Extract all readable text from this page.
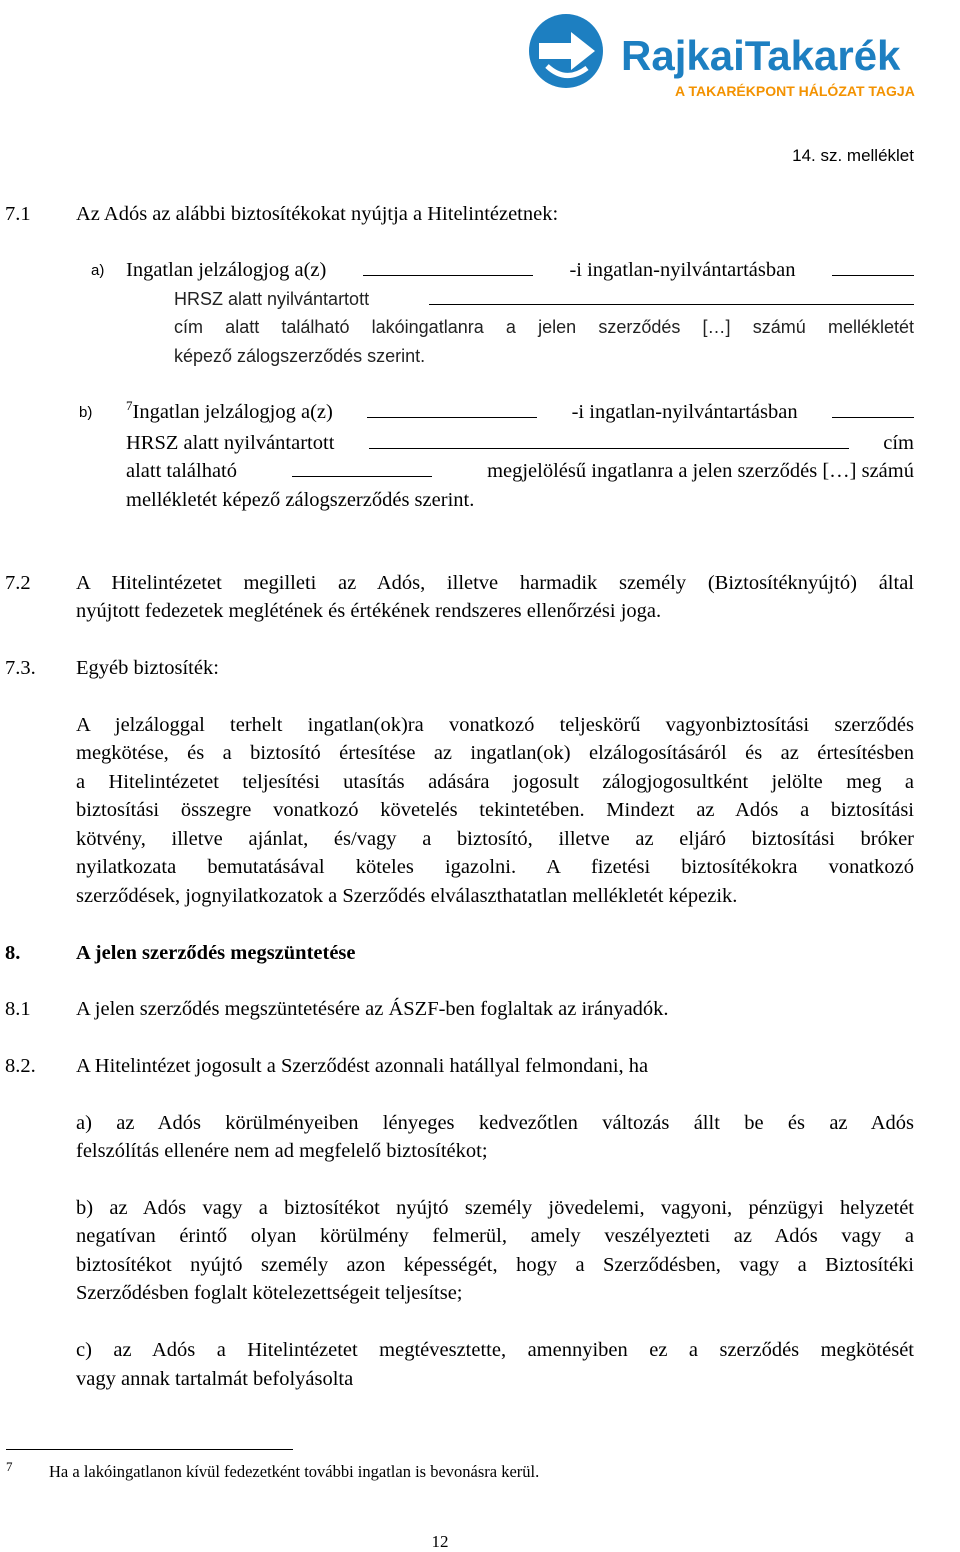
RajkaiTakarék
A TAKARÉKPONT HÁLÓZAT TAGJA
14. sz. melléklet
7.1 Az Adós az alábbi biztosítékokat nyújtja a Hitelintézetnek:
a) Ingatlan jelzálogjog a(z)	-i ingatlan-nyilvántartásban
HRSZ alatt nyilvántartott
cím alatt található lakóingatlanra a jelen szerződés […] számú mellékletét
képező zálogszerződés szerint.
b)	$^7$Ingatlan jelzálogjog a(z)	-i ingatlan-nyilvántartásban
HRSZ alatt nyilvántartott	cím
alatt található	megjelölésű ingatlanra a jelen szerződés […] számú
mellékletét képező zálogszerződés szerint.
7.2 A Hitelintézetet megilleti az Adós, illetve harmadik személy (Biztosítéknyújtó) által
nyújtott fedezetek meglétének és értékének rendszeres ellenőrzési joga.
7.3. Egyéb biztosíték:
A jelzáloggal terhelt ingatlan(ok)ra vonatkozó teljeskörű vagyonbiztosítási szerződés
megkötése, és a biztosító értesítése az ingatlan(ok) elzálogosításáról és az értesítésben
a Hitelintézetet teljesítési utasítás adására jogosult zálogjogosultként jelölte meg a
biztosítási összegre vonatkozó követelés tekintetében. Mindezt az Adós a biztosítási
kötvény, illetve ajánlat, és/vagy a biztosító, illetve az eljáró biztosítási bróker
nyilatkozata bemutatásával köteles igazolni. A fizetési biztosítékokra vonatkozó
szerződések, jognyilatkozatok a Szerződés elválaszthatatlan mellékletét képezik.
8.	A jelen szerződés megszüntetése
8.1 A jelen szerződés megszüntetésére az ÁSZF-ben foglaltak az irányadók.
8.2. A Hitelintézet jogosult a Szerződést azonnali hatállyal felmondani, ha
a) az Adós körülményeiben lényeges kedvezőtlen változás állt be és az Adós
felszólítás ellenére nem ad megfelelő biztosítékot;
b) az Adós vagy a biztosítékot nyújtó személy jövedelemi, vagyoni, pénzügyi helyzetét
negatívan érintő olyan körülmény felmerül, amely veszélyezteti az Adós vagy a
biztosítékot nyújtó személy azon képességét, hogy a Szerződésben, vagy a Biztosítéki
Szerződésben foglalt kötelezettségeit teljesítse;
c) az Adós a Hitelintézetet megtévesztette, amennyiben ez a szerződés megkötését
vagy annak tartalmát befolyásolta
7 Ha a lakóingatlanon kívül fedezetként további ingatlan is bevonásra kerül.
12
